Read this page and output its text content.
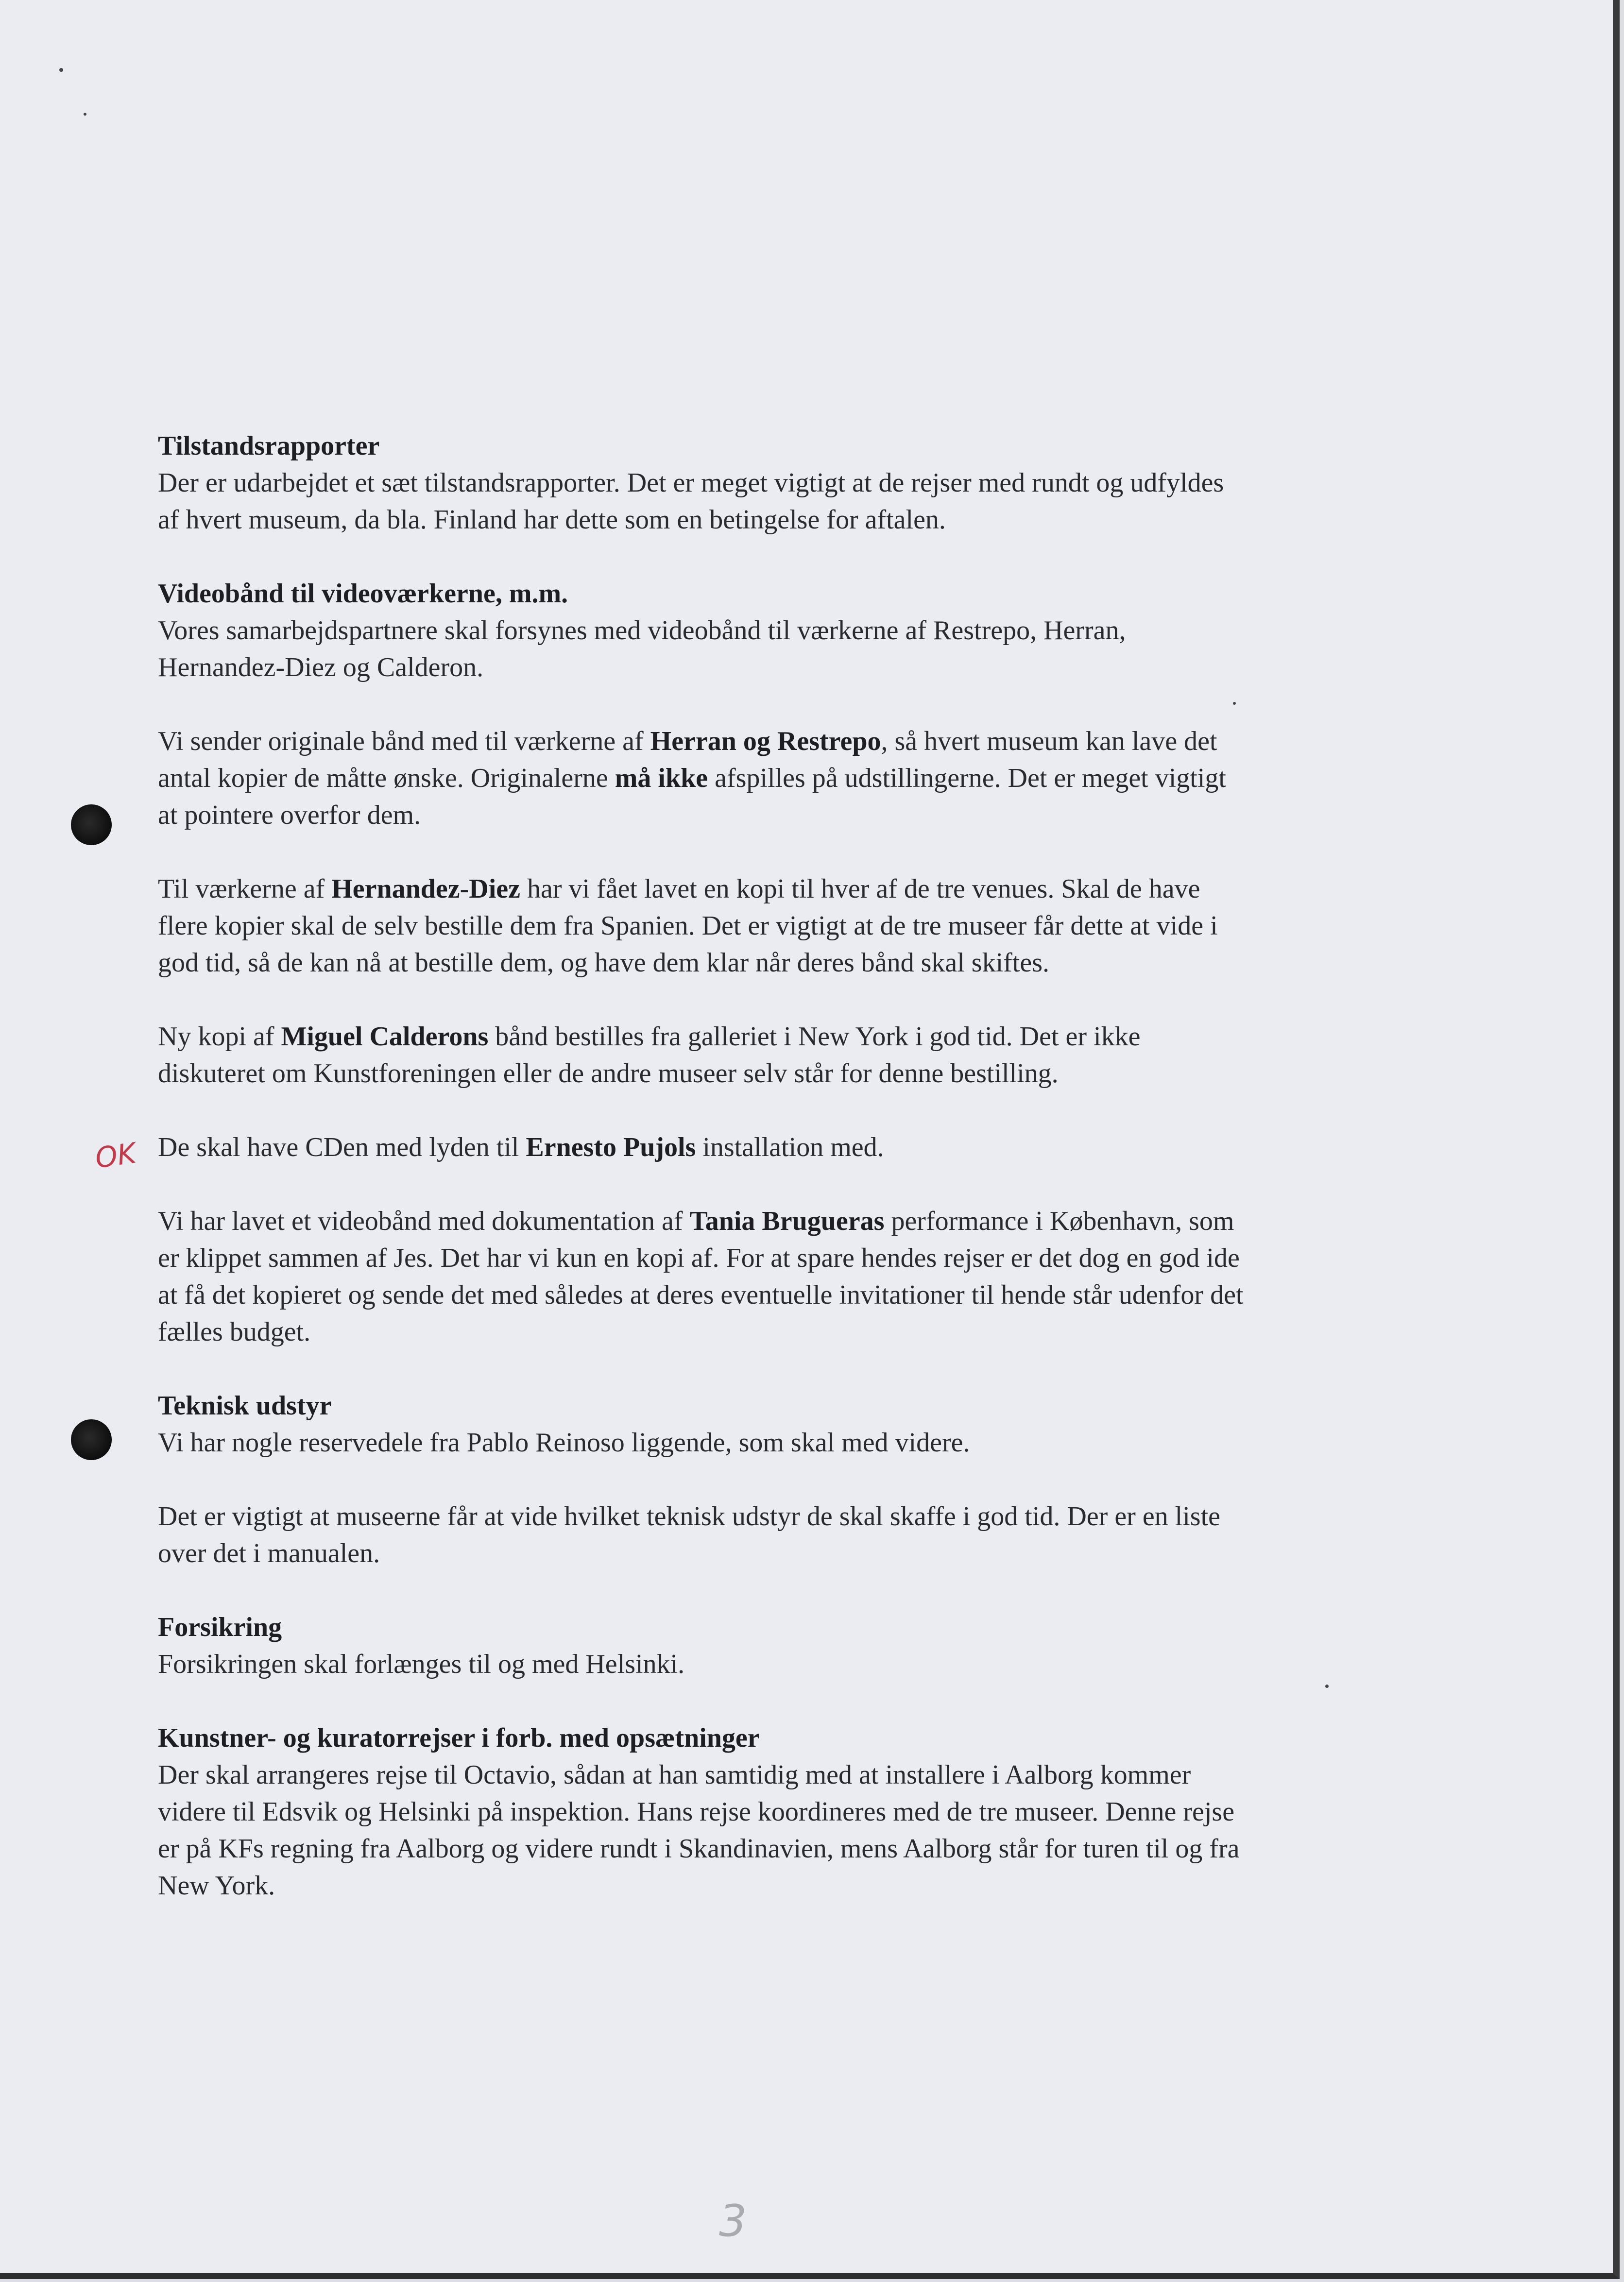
OK
Tilstandsrapporter
Der er udarbejdet et sæt tilstandsrapporter. Det er meget vigtigt at de rejser med rundt og udfyldes
af hvert museum, da bla. Finland har dette som en betingelse for aftalen.
Videobånd til videoværkerne, m.m.
Vores samarbejdspartnere skal forsynes med videobånd til værkerne af Restrepo, Herran,
Hernandez-Diez og Calderon.
Vi sender originale bånd med til værkerne af Herran og Restrepo, så hvert museum kan lave det
antal kopier de måtte ønske. Originalerne må ikke afspilles på udstillingerne. Det er meget vigtigt
at pointere overfor dem.
Til værkerne af Hernandez-Diez har vi fået lavet en kopi til hver af de tre venues. Skal de have
flere kopier skal de selv bestille dem fra Spanien. Det er vigtigt at de tre museer får dette at vide i
god tid, så de kan nå at bestille dem, og have dem klar når deres bånd skal skiftes.
Ny kopi af Miguel Calderons bånd bestilles fra galleriet i New York i god tid. Det er ikke
diskuteret om Kunstforeningen eller de andre museer selv står for denne bestilling.
De skal have CDen med lyden til Ernesto Pujols installation med.
Vi har lavet et videobånd med dokumentation af Tania Brugueras performance i København, som
er klippet sammen af Jes. Det har vi kun en kopi af. For at spare hendes rejser er det dog en god ide
at få det kopieret og sende det med således at deres eventuelle invitationer til hende står udenfor det
fælles budget.
Teknisk udstyr
Vi har nogle reservedele fra Pablo Reinoso liggende, som skal med videre.
Det er vigtigt at museerne får at vide hvilket teknisk udstyr de skal skaffe i god tid. Der er en liste
over det i manualen.
Forsikring
Forsikringen skal forlænges til og med Helsinki.
Kunstner- og kuratorrejser i forb. med opsætninger
Der skal arrangeres rejse til Octavio, sådan at han samtidig med at installere i Aalborg kommer
videre til Edsvik og Helsinki på inspektion. Hans rejse koordineres med de tre museer. Denne rejse
er på KFs regning fra Aalborg og videre rundt i Skandinavien, mens Aalborg står for turen til og fra
New York.
3
